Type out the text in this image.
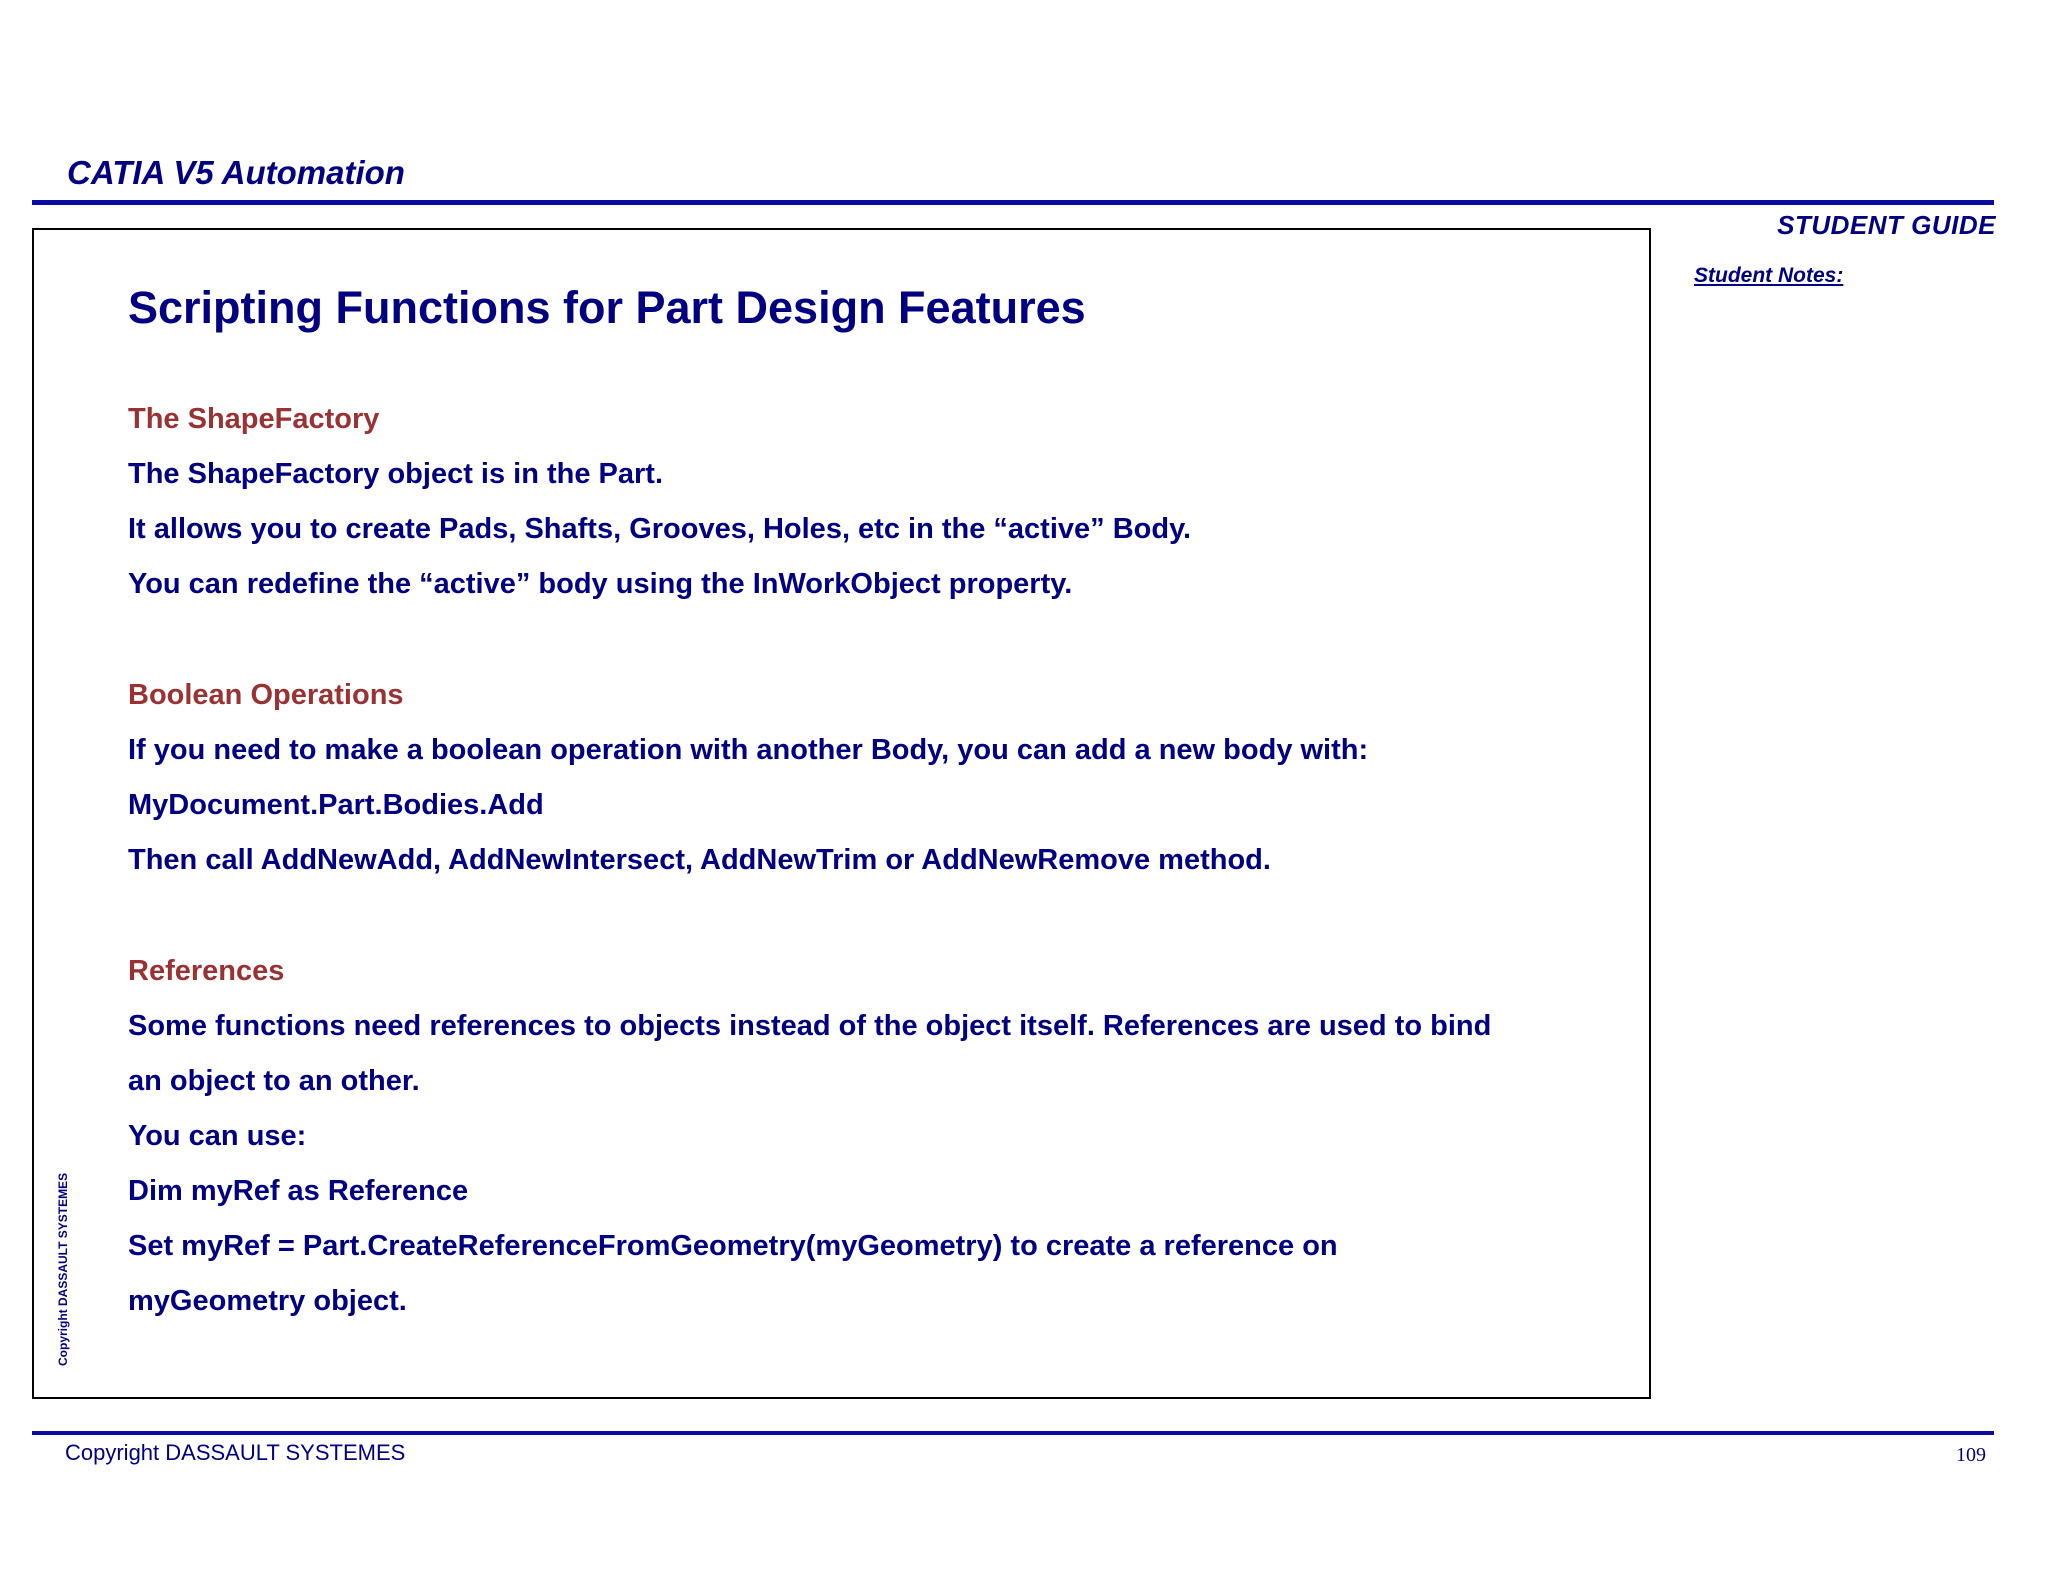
CATIA V5 Automation
STUDENT GUIDE
Student Notes:
Scripting Functions for Part Design Features
The ShapeFactory
The ShapeFactory object is in the Part.
It allows you to create Pads, Shafts, Grooves, Holes, etc in the “active” Body.
You can redefine the “active” body using the InWorkObject property.
Boolean Operations
If you need to make a boolean operation with another Body, you can add a new body with:
MyDocument.Part.Bodies.Add
Then call AddNewAdd, AddNewIntersect, AddNewTrim or AddNewRemove method.
References
Some functions need references to objects instead of the object itself. References are used to bind
an object to an other.
You can use:
Dim myRef as Reference
Set myRef = Part.CreateReferenceFromGeometry(myGeometry) to create a reference on
myGeometry object.
Copyright DASSAULT SYSTEMES
Copyright DASSAULT SYSTEMES	109
